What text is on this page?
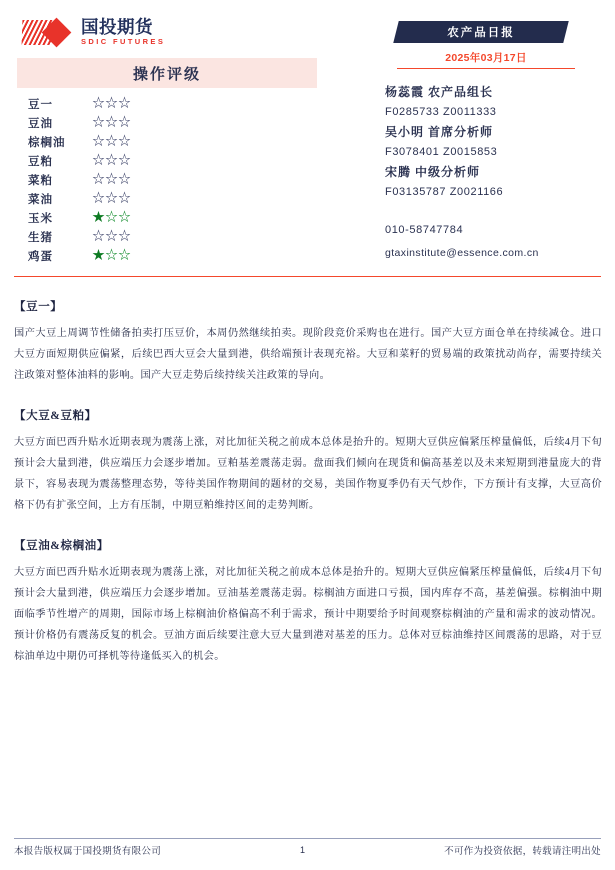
国投期货
SDIC FUTURES
操作评级
豆一	☆ ☆ ☆
豆油	☆ ☆ ☆
棕榈油	☆ ☆ ☆
豆粕	☆ ☆ ☆
菜粕	☆ ☆ ☆
菜油	☆ ☆ ☆
玉米	★ ☆ ☆
生猪	☆ ☆ ☆
鸡蛋	★ ☆ ☆
农产品日报
2025年03月17日
杨蕊霞 农产品组长
F0285733 Z0011333
吴小明 首席分析师
F3078401 Z0015853
宋腾 中级分析师
F03135787 Z0021166
010-58747784
gtaxinstitute@essence.com.cn
【豆一】
国产大豆上周调节性储备拍卖打压豆价，本周仍然继续拍卖。现阶段竞价采购也在进行。国产大豆方面仓单在持续减仓。进口大豆方面短期供应偏紧，后续巴西大豆会大量到港，供给端预计表现充裕。大豆和菜籽的贸易端的政策扰动尚存，需要持续关注政策对整体油料的影响。国产大豆走势后续持续关注政策的导向。
【大豆&豆粕】
大豆方面巴西升贴水近期表现为震荡上涨，对比加征关税之前成本总体是抬升的。短期大豆供应偏紧压榨量偏低，后续4月下旬预计会大量到港，供应端压力会逐步增加。豆粕基差震荡走弱。盘面我们倾向在现货和偏高基差以及未来短期到港量庞大的背景下，容易表现为震荡整理态势，等待美国作物期间的题材的交易，美国作物夏季仍有天气炒作，下方预计有支撑，大豆高价格下仍有扩张空间，上方有压制，中期豆粕维持区间的走势判断。
【豆油&棕榈油】
大豆方面巴西升贴水近期表现为震荡上涨，对比加征关税之前成本总体是抬升的。短期大豆供应偏紧压榨量偏低，后续4月下旬预计会大量到港，供应端压力会逐步增加。豆油基差震荡走弱。棕榈油方面进口亏损，国内库存不高，基差偏强。棕榈油中期面临季节性增产的周期，国际市场上棕榈油价格偏高不利于需求，预计中期要给予时间观察棕榈油的产量和需求的波动情况。预计价格仍有震荡反复的机会。豆油方面后续要注意大豆大量到港对基差的压力。总体对豆棕油维持区间震荡的思路，对于豆棕油单边中期仍可择机等待逢低买入的机会。
本报告版权属于国投期货有限公司	1	不可作为投资依据，转载请注明出处
